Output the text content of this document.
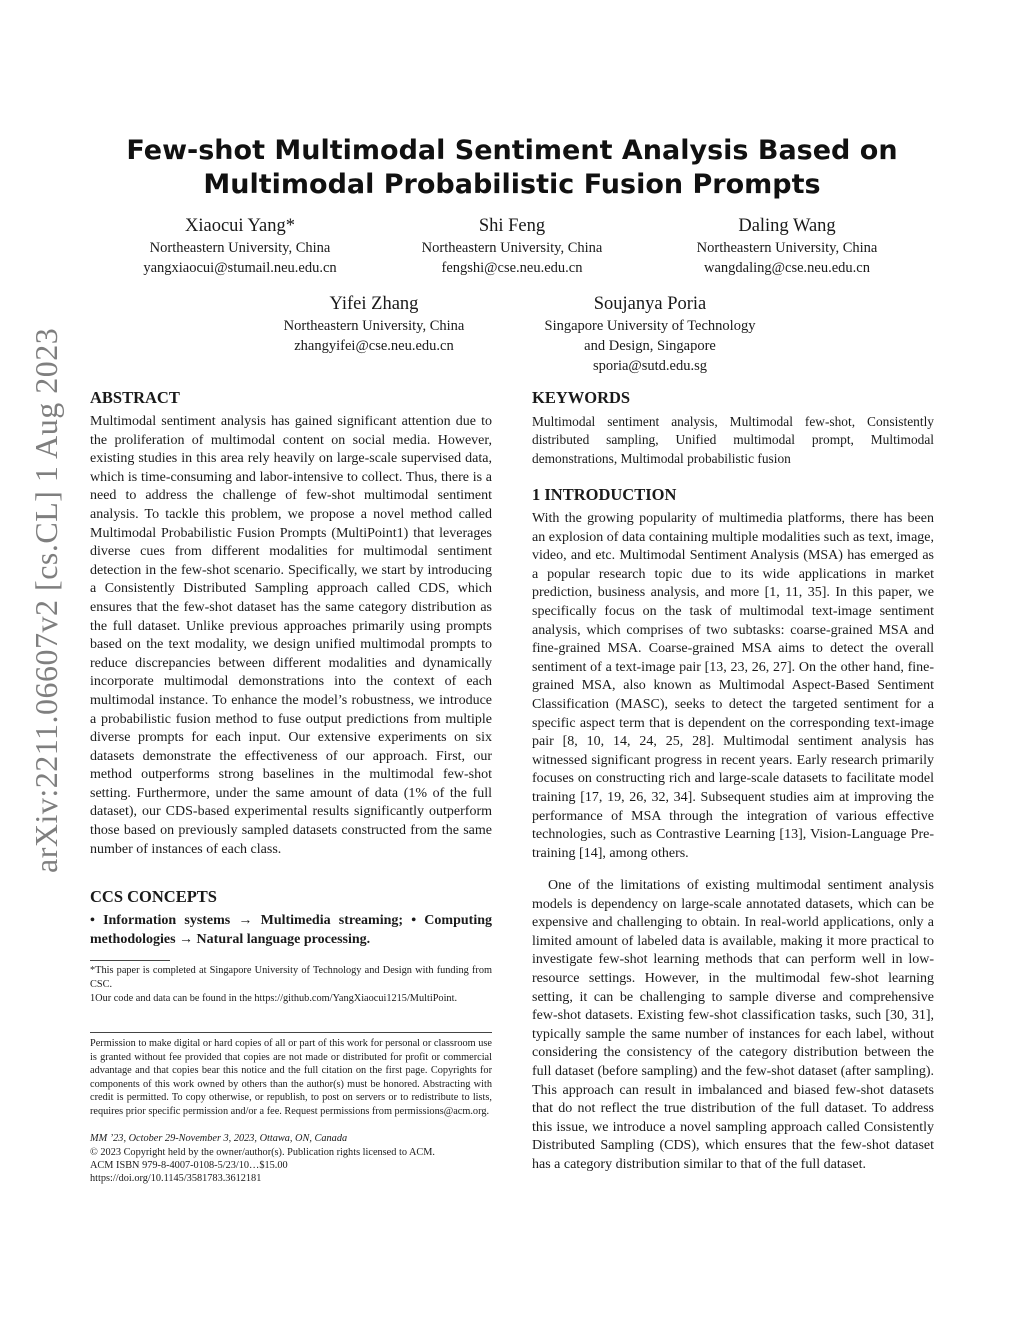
arXiv:2211.06607v2 [cs.CL] 1 Aug 2023
Few-shot Multimodal Sentiment Analysis Based on Multimodal Probabilistic Fusion Prompts
Xiaocui Yang*
Northeastern University, China
yangxiaocui@stumail.neu.edu.cn
Shi Feng
Northeastern University, China
fengshi@cse.neu.edu.cn
Daling Wang
Northeastern University, China
wangdaling@cse.neu.edu.cn
Yifei Zhang
Northeastern University, China
zhangyifei@cse.neu.edu.cn
Soujanya Poria
Singapore University of Technology
and Design, Singapore
sporia@sutd.edu.sg
ABSTRACT
Multimodal sentiment analysis has gained significant attention due to the proliferation of multimodal content on social media. However, existing studies in this area rely heavily on large-scale supervised data, which is time-consuming and labor-intensive to collect. Thus, there is a need to address the challenge of few-shot multimodal sentiment analysis. To tackle this problem, we propose a novel method called Multimodal Probabilistic Fusion Prompts (MultiPoint1) that leverages diverse cues from different modalities for multimodal sentiment detection in the few-shot scenario. Specifically, we start by introducing a Consistently Distributed Sampling approach called CDS, which ensures that the few-shot dataset has the same category distribution as the full dataset. Unlike previous approaches primarily using prompts based on the text modality, we design unified multimodal prompts to reduce discrepancies between different modalities and dynamically incorporate multimodal demonstrations into the context of each multimodal instance. To enhance the model’s robustness, we introduce a probabilistic fusion method to fuse output predictions from multiple diverse prompts for each input. Our extensive experiments on six datasets demonstrate the effectiveness of our approach. First, our method outperforms strong baselines in the multimodal few-shot setting. Furthermore, under the same amount of data (1% of the full dataset), our CDS-based experimental results significantly outperform those based on previously sampled datasets constructed from the same number of instances of each class.
CCS CONCEPTS
• Information systems → Multimedia streaming; • Computing methodologies → Natural language processing.
*This paper is completed at Singapore University of Technology and Design with funding from CSC.
1Our code and data can be found in the https://github.com/YangXiaocui1215/MultiPoint.
Permission to make digital or hard copies of all or part of this work for personal or classroom use is granted without fee provided that copies are not made or distributed for profit or commercial advantage and that copies bear this notice and the full citation on the first page. Copyrights for components of this work owned by others than the author(s) must be honored. Abstracting with credit is permitted. To copy otherwise, or republish, to post on servers or to redistribute to lists, requires prior specific permission and/or a fee. Request permissions from permissions@acm.org.
MM ’23, October 29-November 3, 2023, Ottawa, ON, Canada
© 2023 Copyright held by the owner/author(s). Publication rights licensed to ACM.
ACM ISBN 979-8-4007-0108-5/23/10…$15.00
https://doi.org/10.1145/3581783.3612181
KEYWORDS
Multimodal sentiment analysis, Multimodal few-shot, Consistently distributed sampling, Unified multimodal prompt, Multimodal demonstrations, Multimodal probabilistic fusion
1 INTRODUCTION
With the growing popularity of multimedia platforms, there has been an explosion of data containing multiple modalities such as text, image, video, and etc. Multimodal Sentiment Analysis (MSA) has emerged as a popular research topic due to its wide applications in market prediction, business analysis, and more [1, 11, 35]. In this paper, we specifically focus on the task of multimodal text-image sentiment analysis, which comprises of two subtasks: coarse-grained MSA and fine-grained MSA. Coarse-grained MSA aims to detect the overall sentiment of a text-image pair [13, 23, 26, 27]. On the other hand, fine-grained MSA, also known as Multimodal Aspect-Based Sentiment Classification (MASC), seeks to detect the targeted sentiment for a specific aspect term that is dependent on the corresponding text-image pair [8, 10, 14, 24, 25, 28]. Multimodal sentiment analysis has witnessed significant progress in recent years. Early research primarily focuses on constructing rich and large-scale datasets to facilitate model training [17, 19, 26, 32, 34]. Subsequent studies aim at improving the performance of MSA through the integration of various effective technologies, such as Contrastive Learning [13], Vision-Language Pre-training [14], among others.
One of the limitations of existing multimodal sentiment analysis models is dependency on large-scale annotated datasets, which can be expensive and challenging to obtain. In real-world applications, only a limited amount of labeled data is available, making it more practical to investigate few-shot learning methods that can perform well in low-resource settings. However, in the multimodal few-shot learning setting, it can be challenging to sample diverse and comprehensive few-shot datasets. Existing few-shot classification tasks, such [30, 31], typically sample the same number of instances for each label, without considering the consistency of the category distribution between the full dataset (before sampling) and the few-shot dataset (after sampling). This approach can result in imbalanced and biased few-shot datasets that do not reflect the true distribution of the full dataset. To address this issue, we introduce a novel sampling approach called Consistently Distributed Sampling (CDS), which ensures that the few-shot dataset has a category distribution similar to that of the full dataset.
